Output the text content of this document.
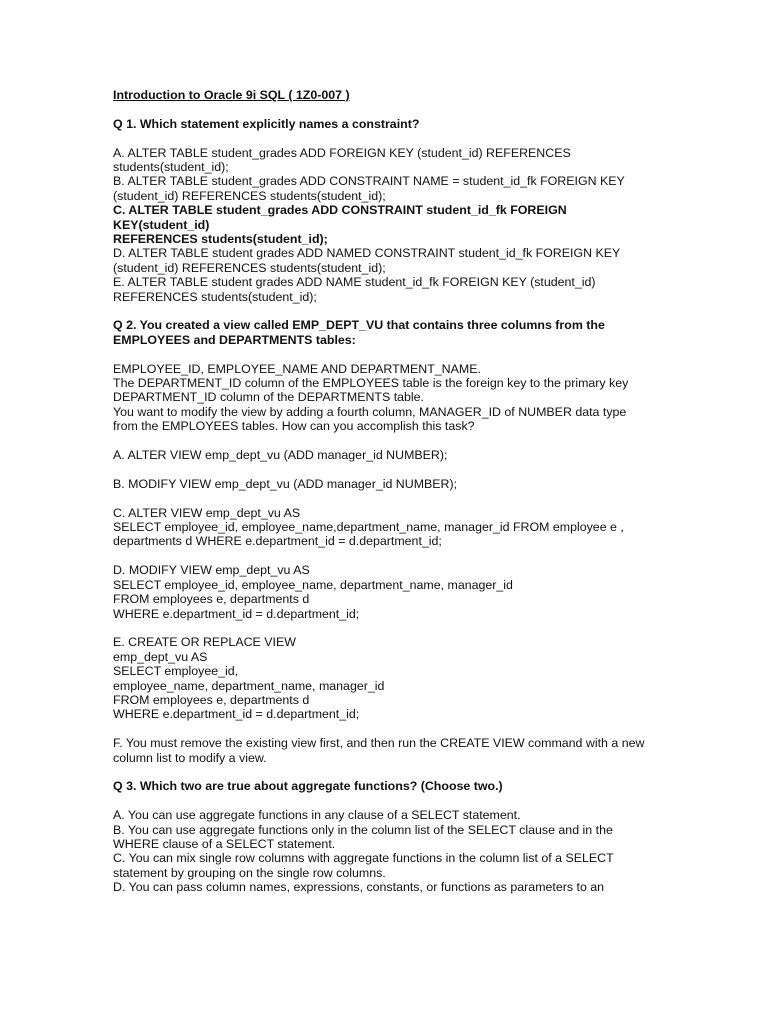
Introduction to Oracle 9i SQL ( 1Z0-007 )

Q 1. Which statement explicitly names a constraint?

A. ALTER TABLE student_grades ADD FOREIGN KEY (student_id) REFERENCES

students(student_id);

B. ALTER TABLE student_grades ADD CONSTRAINT NAME = student_id_fk FOREIGN KEY

(student_id) REFERENCES students(student_id);

C. ALTER TABLE student_grades ADD CONSTRAINT student_id_fk FOREIGN

KEY(student_id)

REFERENCES students(student_id);

D. ALTER TABLE student grades ADD NAMED CONSTRAINT student_id_fk FOREIGN KEY

(student_id) REFERENCES students(student_id);

E. ALTER TABLE student grades ADD NAME student_id_fk FOREIGN KEY (student_id)

REFERENCES students(student_id);

Q 2. You created a view called EMP_DEPT_VU that contains three columns from the

EMPLOYEES and DEPARTMENTS tables:

EMPLOYEE_ID, EMPLOYEE_NAME AND DEPARTMENT_NAME.

The DEPARTMENT_ID column of the EMPLOYEES table is the foreign key to the primary key

DEPARTMENT_ID column of the DEPARTMENTS table.

You want to modify the view by adding a fourth column, MANAGER_ID of NUMBER data type

from the EMPLOYEES tables. How can you accomplish this task?

A. ALTER VIEW emp_dept_vu (ADD manager_id NUMBER);

B. MODIFY VIEW emp_dept_vu (ADD manager_id NUMBER);

C. ALTER VIEW emp_dept_vu AS

SELECT employee_id, employee_name,department_name, manager_id FROM employee e ,

departments d WHERE e.department_id = d.department_id;

D. MODIFY VIEW emp_dept_vu AS

SELECT employee_id, employee_name, department_name, manager_id

FROM employees e, departments d

WHERE e.department_id = d.department_id;

E. CREATE OR REPLACE VIEW

emp_dept_vu AS

SELECT employee_id,

employee_name, department_name, manager_id

FROM employees e, departments d

WHERE e.department_id = d.department_id;

F. You must remove the existing view first, and then run the CREATE VIEW command with a new

column list to modify a view.

Q 3. Which two are true about aggregate functions? (Choose two.)

A. You can use aggregate functions in any clause of a SELECT statement.

B. You can use aggregate functions only in the column list of the SELECT clause and in the

WHERE clause of a SELECT statement.

C. You can mix single row columns with aggregate functions in the column list of a SELECT

statement by grouping on the single row columns.

D. You can pass column names, expressions, constants, or functions as parameters to an
